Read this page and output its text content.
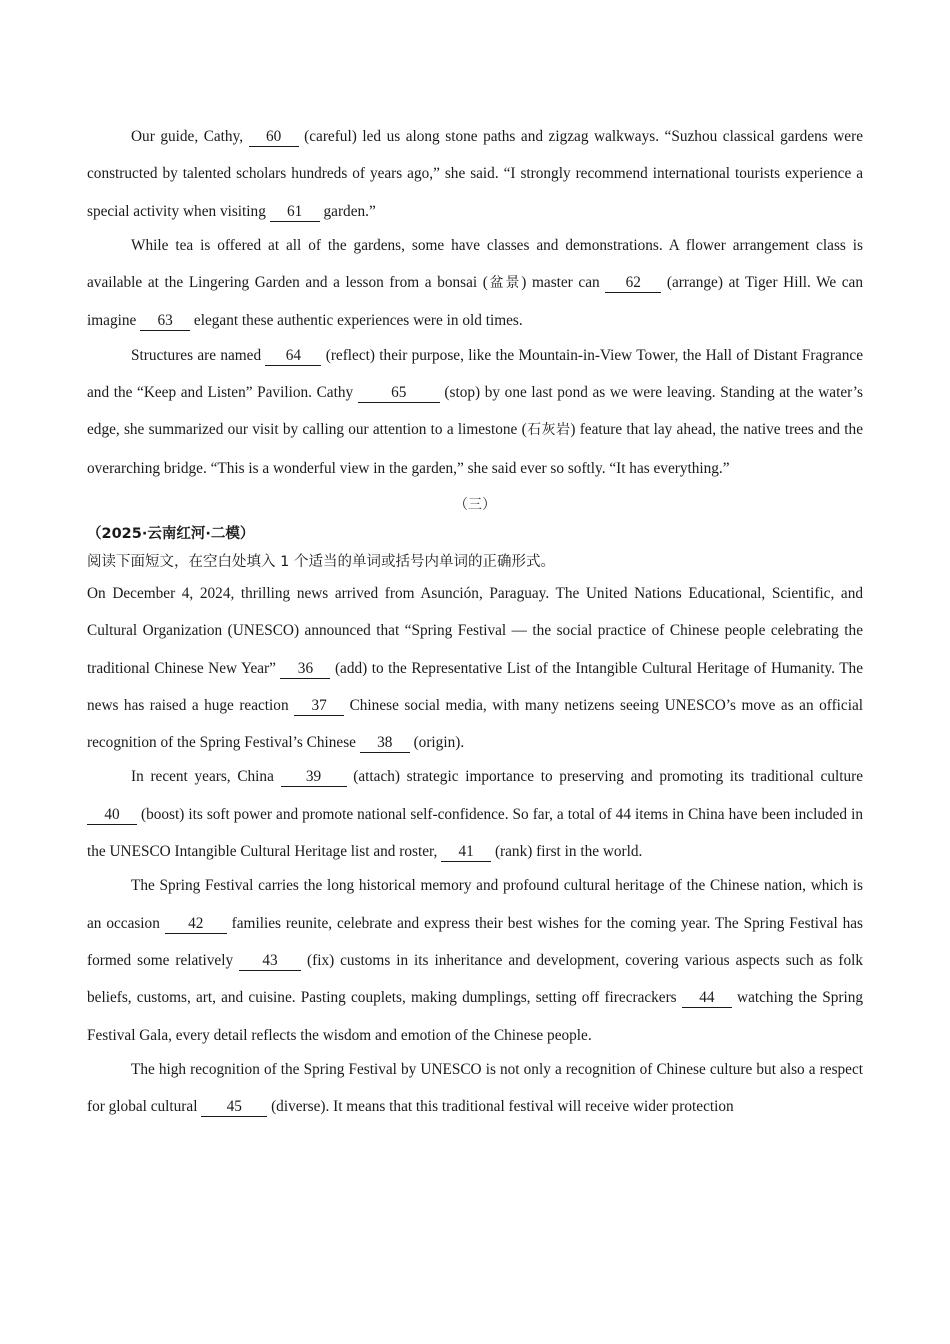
Our guide, Cathy, 60 (careful) led us along stone paths and zigzag walkways. “Suzhou classical gardens were constructed by talented scholars hundreds of years ago,” she said. “I strongly recommend international tourists experience a special activity when visiting 61 garden.”

While tea is offered at all of the gardens, some have classes and demonstrations. A flower arrangement class is available at the Lingering Garden and a lesson from a bonsai (盆景) master can 62 (arrange) at Tiger Hill. We can imagine 63 elegant these authentic experiences were in old times.

Structures are named 64 (reflect) their purpose, like the Mountain-in-View Tower, the Hall of Distant Fragrance and the “Keep and Listen” Pavilion. Cathy 65 (stop) by one last pond as we were leaving. Standing at the water’s edge, she summarized our visit by calling our attention to a limestone (石灰岩) feature that lay ahead, the native trees and the overarching bridge. “This is a wonderful view in the garden,” she said ever so softly. “It has everything.”

（三）

（2025·云南红河·二模）

阅读下面短文，在空白处填入 1 个适当的单词或括号内单词的正确形式。

On December 4, 2024, thrilling news arrived from Asunción, Paraguay. The United Nations Educational, Scientific, and Cultural Organization (UNESCO) announced that “Spring Festival — the social practice of Chinese people celebrating the traditional Chinese New Year” 36 (add) to the Representative List of the Intangible Cultural Heritage of Humanity. The news has raised a huge reaction 37 Chinese social media, with many netizens seeing UNESCO’s move as an official recognition of the Spring Festival’s Chinese 38 (origin).

In recent years, China 39 (attach) strategic importance to preserving and promoting its traditional culture 40 (boost) its soft power and promote national self-confidence. So far, a total of 44 items in China have been included in the UNESCO Intangible Cultural Heritage list and roster, 41 (rank) first in the world.

The Spring Festival carries the long historical memory and profound cultural heritage of the Chinese nation, which is an occasion 42 families reunite, celebrate and express their best wishes for the coming year. The Spring Festival has formed some relatively 43 (fix) customs in its inheritance and development, covering various aspects such as folk beliefs, customs, art, and cuisine. Pasting couplets, making dumplings, setting off firecrackers 44 watching the Spring Festival Gala, every detail reflects the wisdom and emotion of the Chinese people.

The high recognition of the Spring Festival by UNESCO is not only a recognition of Chinese culture but also a respect for global cultural 45 (diverse). It means that this traditional festival will receive wider protection
